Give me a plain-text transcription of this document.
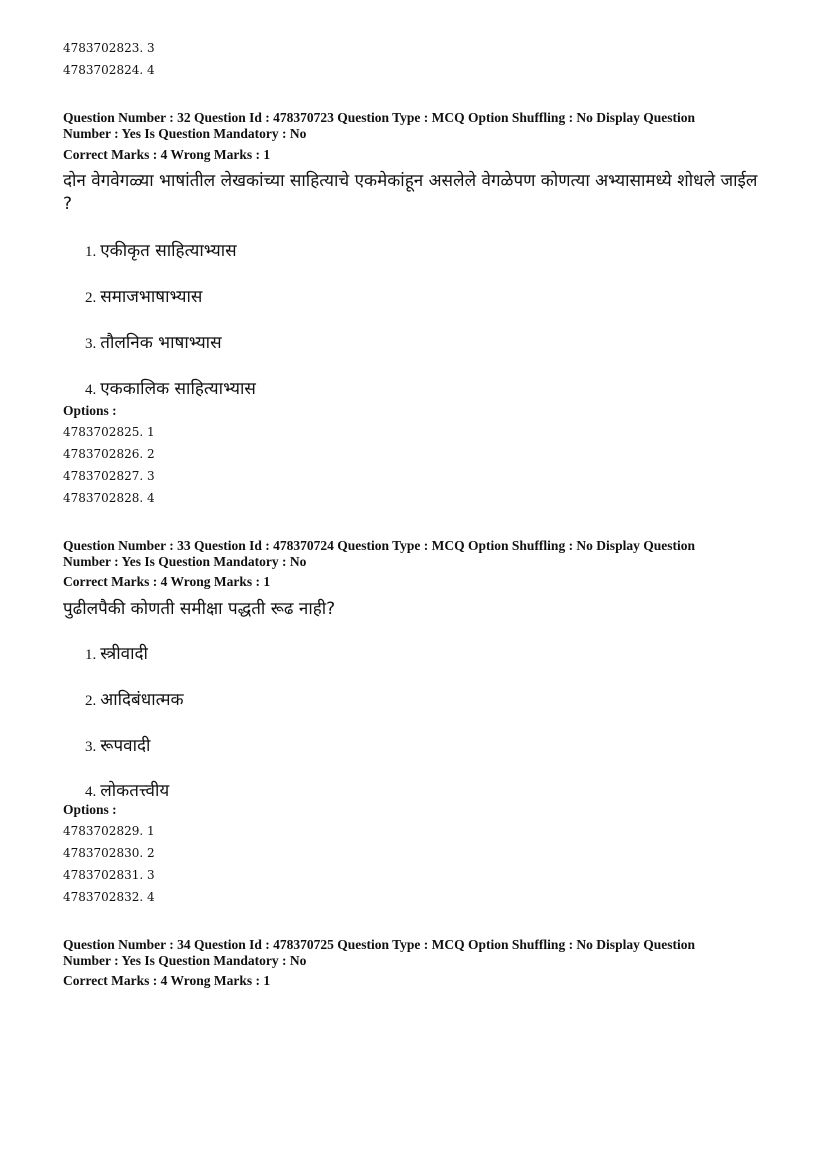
4783702823. 3
4783702824. 4
Question Number : 32 Question Id : 478370723 Question Type : MCQ Option Shuffling : No Display Question
Number : Yes Is Question Mandatory : No
Correct Marks : 4 Wrong Marks : 1
दोन वेगवेगळ्या भाषांतील लेखकांच्या साहित्याचे एकमेकांहून असलेले वेगळेपण कोणत्या अभ्यासामध्ये शोधले जाईल ?
1. एकीकृत साहित्याभ्यास
2. समाजभाषाभ्यास
3. तौलनिक भाषाभ्यास
4. एककालिक साहित्याभ्यास
Options :
4783702825. 1
4783702826. 2
4783702827. 3
4783702828. 4
Question Number : 33 Question Id : 478370724 Question Type : MCQ Option Shuffling : No Display Question
Number : Yes Is Question Mandatory : No
Correct Marks : 4 Wrong Marks : 1
पुढीलपैकी कोणती समीक्षा पद्धती रूढ नाही?
1. स्त्रीवादी
2. आदिबंधात्मक
3. रूपवादी
4. लोकतत्त्वीय
Options :
4783702829. 1
4783702830. 2
4783702831. 3
4783702832. 4
Question Number : 34 Question Id : 478370725 Question Type : MCQ Option Shuffling : No Display Question
Number : Yes Is Question Mandatory : No
Correct Marks : 4 Wrong Marks : 1
